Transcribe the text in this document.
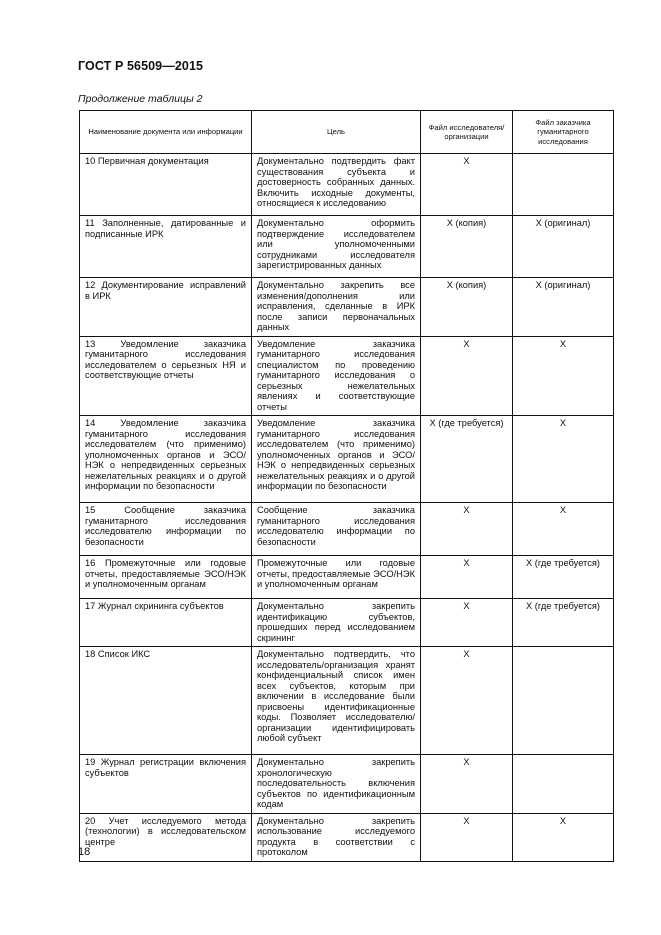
ГОСТ Р 56509—2015
Продолжение таблицы 2
Наименование документа или информации	Цель	Файл исследователя/ организации	Файл заказчика гуманитарного исследования
10 Первичная документация	Документально подтвердить факт существования субъекта и достоверность собранных данных. Включить исходные документы, относящиеся к исследованию	X	
11 Заполненные, датированные и подписанные ИРК	Документально оформить подтверждение исследователем или уполномоченными сотрудниками исследователя зарегистрированных данных	X (копия)	X (оригинал)
12 Документирование исправлений в ИРК	Документально закрепить все изменения/дополнения или исправления, сделанные в ИРК после записи первоначальных данных	X (копия)	X (оригинал)
13 Уведомление заказчика гуманитарного исследования исследователем о серьезных НЯ и соответствующие отчеты	Уведомление заказчика гуманитарного исследования специалистом по проведению гуманитарного исследования о серьезных нежелательных явлениях и соответствующие отчеты	X	X
14 Уведомление заказчика гуманитарного исследования исследователем (что применимо) уполномоченных органов и ЭСО/НЭК о непредвиденных серьезных нежелательных реакциях и о другой информации по безопасности	Уведомление заказчика гуманитарного исследования исследователем (что применимо) уполномоченных органов и ЭСО/НЭК о непредвиденных серьезных нежелательных реакциях и о другой информации по безопасности	X (где требуется)	X
15 Сообщение заказчика гуманитарного исследования исследователю информации по безопасности	Сообщение заказчика гуманитарного исследования исследователю информации по безопасности	X	X
16 Промежуточные или годовые отчеты, предоставляемые ЭСО/НЭК и уполномоченным органам	Промежуточные или годовые отчеты, предоставляемые ЭСО/НЭК и уполномоченным органам	X	X (где требуется)
17 Журнал скрининга субъектов	Документально закрепить идентификацию субъектов, прошедших перед исследованием скрининг	X	X (где требуется)
18 Список ИКС	Документально подтвердить, что исследователь/организация хранят конфиденциальный список имен всех субъектов, которым при включении в исследование были присвоены идентификационные коды. Позволяет исследователю/организации идентифицировать любой субъект	X	
19 Журнал регистрации включения субъектов	Документально закрепить хронологическую последовательность включения субъектов по идентификационным кодам	X	
20 Учет исследуемого метода (технологии) в исследовательском центре	Документально закрепить использование исследуемого продукта в соответствии с протоколом	X	X
18
